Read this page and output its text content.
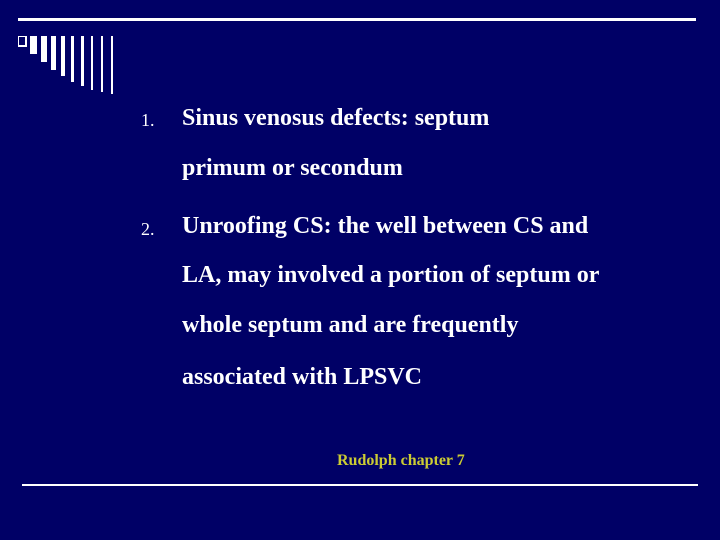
1. Sinus venosus defects: septum
primum or secondum
2. Unroofing CS: the well between CS and
LA, may involved a portion of septum or
whole septum and are frequently
associated with LPSVC
Rudolph chapter 7
